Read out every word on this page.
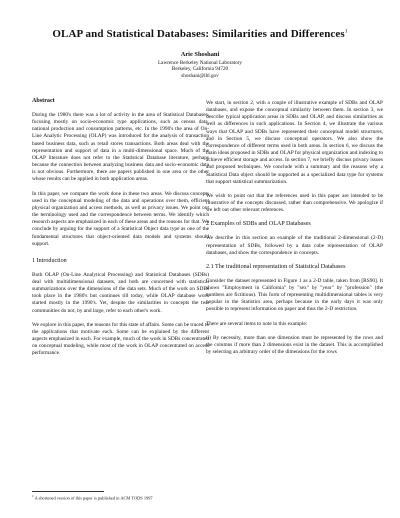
OLAP and Statistical Databases: Similarities and Differences$^1$
Arie Shoshani
Lawrence Berkeley National Laboratory
Berkeley, California 94720
shoshani@lbl.gov
Abstract

During the 1980's there was a lot of activity in the area of Statistical Databases, focusing mostly on socio-economic type applications, such as census data, national production and consumption patterns, etc. In the 1990's the area of On-Line Analytic Processing (OLAP) was introduced for the analysis of transaction based business data, such as retail stores transactions. Both areas deal with the representation and support of data in a multi-dimensional space. Much of the OLAP literature does not refer to the Statistical Database literature, perhaps because the connection between analyzing business data and socio-economic data is not obvious. Furthermore, there are papers published in one area or the other whose results can be applied in both application areas.

In this paper, we compare the work done in these two areas. We discuss concepts used in the conceptual modeling of the data and operations over them, efficient physical organization and access methods, as well as privacy issues. We point out the terminology used and the correspondence between terms. We identify which research aspects are emphasized in each of these areas and the reasons for that. We conclude by arguing for the support of a Statistical Object data type as one of the fundamental structures that object-oriented data models and systems should support.

1 Introduction

Both OLAP (On-Line Analytical Processing) and Statistical Databases (SDBs) deal with multidimensional datasets, and both are concerned with statistical summarizations over the dimensions of the data sets. Much of the work on SDBs took place in the 1980's but continues till today, while OLAP database work started mostly in the 1990's. Yet, despite the similarities in concepts the two communities do not, by and large, refer to each other's work.

We explore in this paper, the reasons for this state of affairs. Some can be traced to the applications that motivate each. Some can be explained by the different aspects emphasized in each. For example, much of the work in SDBs concentrated on conceptual modeling, while most of the work in OLAP concentrated on access performance.

We start, in section 2, with a couple of illustrative example of SDBs and OLAP databases, and expose the conceptual similarity between them. In section 3, we describe typical application areas in SDBs and OLAP, and discuss similarities as well as differences in such applications. In Section 4, we illustrate the various ways that OLAP and SDBs have represented their conceptual model structures, and in Section 5, we discuss conceptual operators. We also show the correspondence of different terms used in both areas. In section 6, we discuss the main ideas proposed in SDBs and OLAP for physical organization and indexing to achieve efficient storage and access. In section 7, we briefly discuss privacy issues and proposed techniques. We conclude with a summary and the reasons why a Statistical Data object should be supported as a specialized data type for systems that support statistical summarization.

We wish to point out that the references used in this paper are intended to be illustrative of the concepts discussed, rather than comprehensive. We apologize if we left out other relevant references.

2 Examples of SDBs and OLAP Databases

We describe in this section an example of the traditional 2-dimensional (2-D) representation of SDBs, followed by a data cube representation of OLAP databases, and show the correspondence in concepts.

2.1 The traditional representation of Statistical Databases

Consider the dataset represented in Figure 1 as a 2-D table, taken from [RS90]. It shows "Employment in California" by "sex" by "year" by "profession" (the numbers are fictitious). This form of representing multidimensional tables is very popular in the Statistics area, perhaps because in the early days it was only possible to represent information on paper and thus the 2-D restriction.

There are several items to note in this example:

(i) By necessity, more than one dimension must be represented by the rows and the columns if more than 2 dimensions exist in the dataset. This is accomplished by selecting an arbitrary order of the dimensions for the rows

$^1$ A shortened version of this paper is published in ACM TODS 1997
